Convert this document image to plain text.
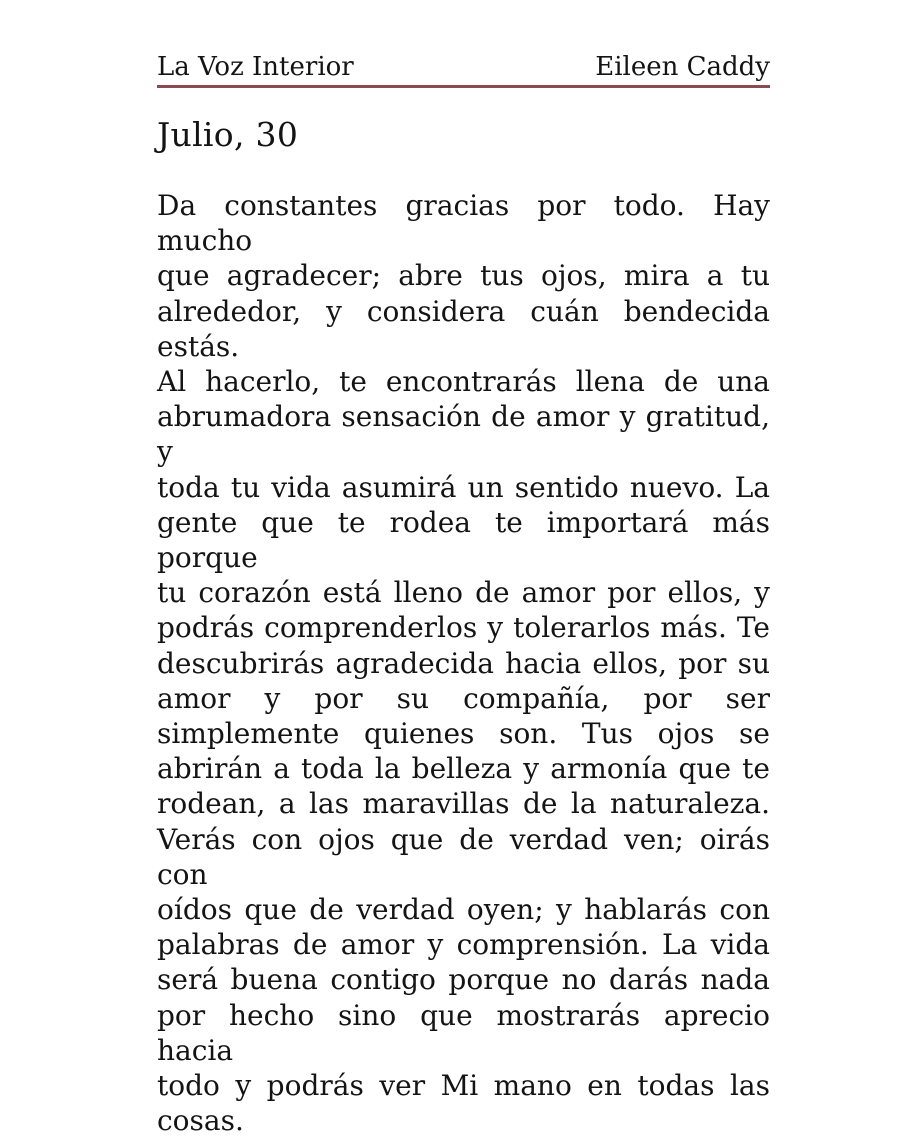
La Voz Interior	Eileen Caddy
Julio, 30
Da constantes gracias por todo. Hay mucho
que agradecer; abre tus ojos, mira a tu
alrededor, y considera cuán bendecida estás.
Al hacerlo, te encontrarás llena de una
abrumadora sensación de amor y gratitud, y
toda tu vida asumirá un sentido nuevo. La
gente que te rodea te importará más porque
tu corazón está lleno de amor por ellos, y
podrás comprenderlos y tolerarlos más. Te
descubrirás agradecida hacia ellos, por su
amor y por su compañía, por ser
simplemente quienes son. Tus ojos se
abrirán a toda la belleza y armonía que te
rodean, a las maravillas de la naturaleza.
Verás con ojos que de verdad ven; oirás con
oídos que de verdad oyen; y hablarás con
palabras de amor y comprensión. La vida
será buena contigo porque no darás nada
por hecho sino que mostrarás aprecio hacia
todo y podrás ver Mi mano en todas las
cosas.
